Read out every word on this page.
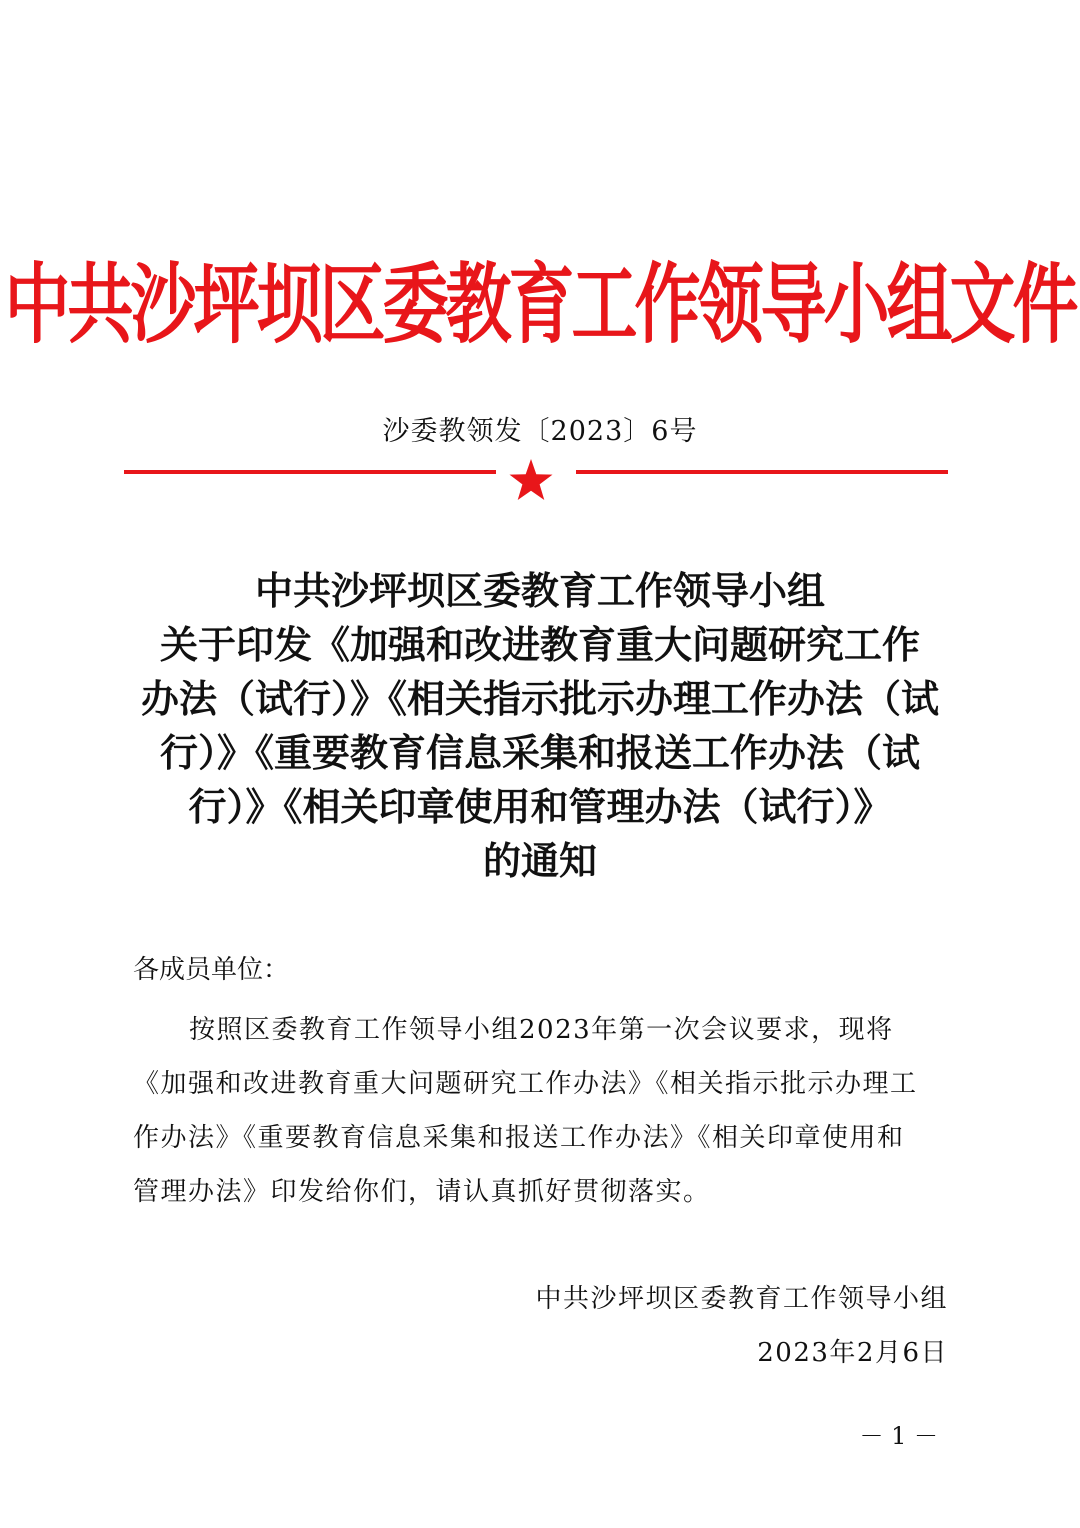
中共沙坪坝区委教育工作领导小组文件
沙委教领发〔2023〕6号
中共沙坪坝区委教育工作领导小组
关于印发《加强和改进教育重大问题研究工作
办法（试行）》《相关指示批示办理工作办法（试
行）》《重要教育信息采集和报送工作办法（试
行）》《相关印章使用和管理办法（试行）》
的通知
各成员单位：
按照区委教育工作领导小组2023年第一次会议要求，现将
《加强和改进教育重大问题研究工作办法》《相关指示批示办理工
作办法》《重要教育信息采集和报送工作办法》《相关印章使用和
管理办法》印发给你们，请认真抓好贯彻落实。
中共沙坪坝区委教育工作领导小组
2023年2月6日
－ 1 －
